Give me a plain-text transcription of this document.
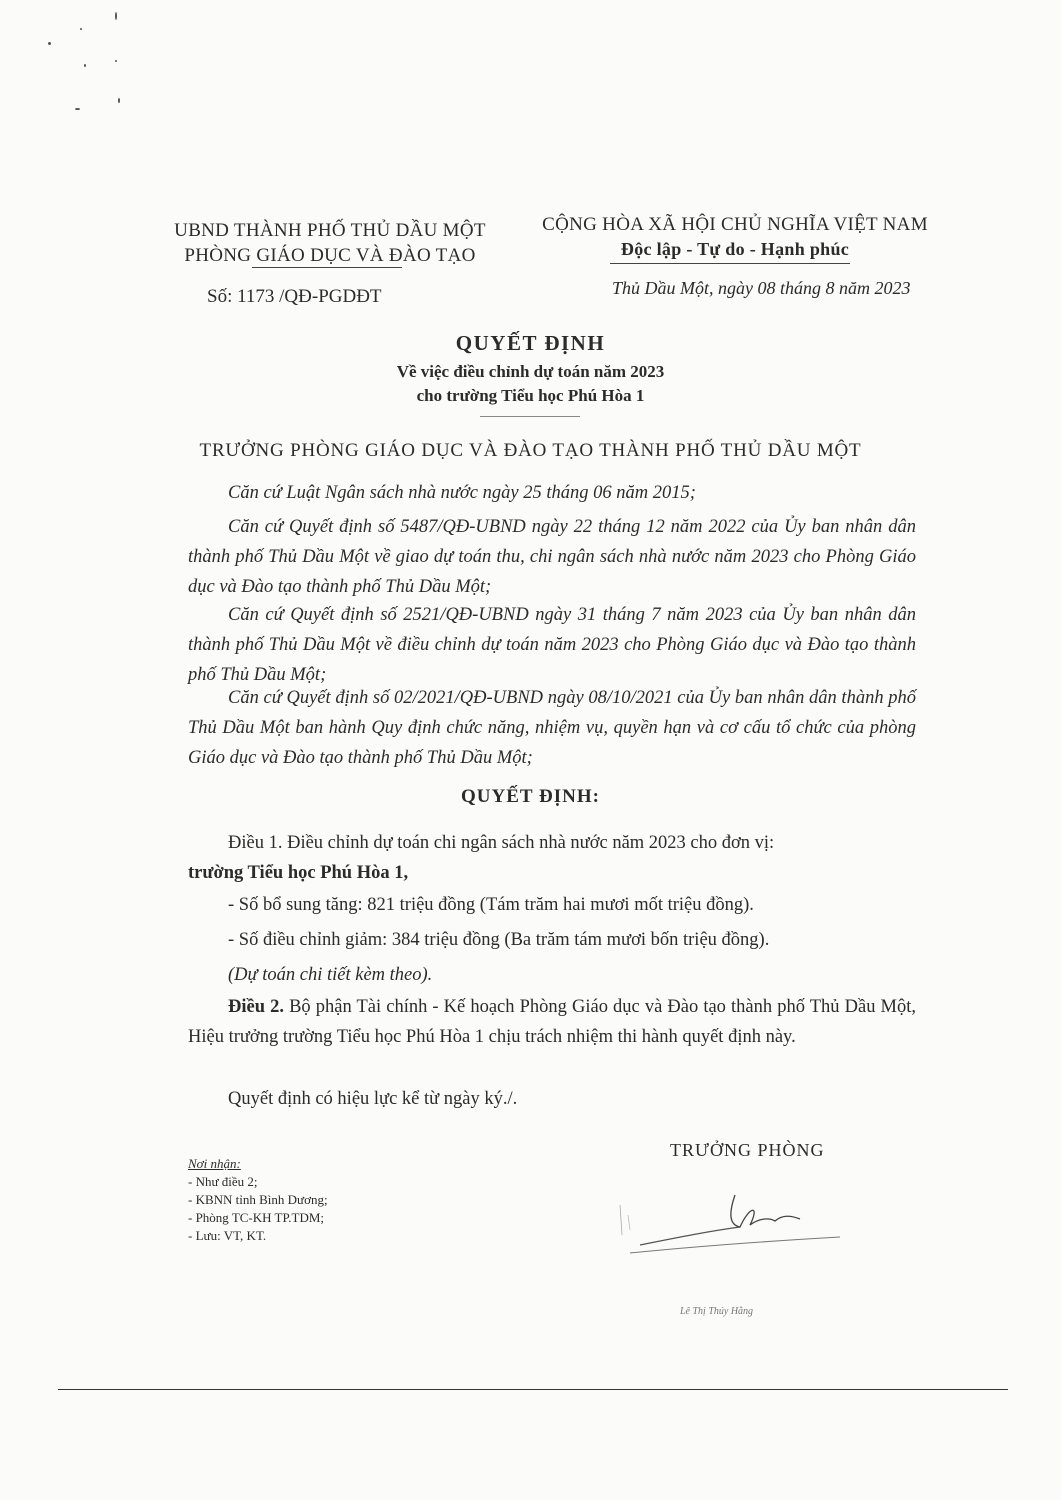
UBND THÀNH PHỐ THỦ DẦU MỘT
PHÒNG GIÁO DỤC VÀ ĐÀO TẠO
CỘNG HÒA XÃ HỘI CHỦ NGHĨA VIỆT NAM
Độc lập - Tự do - Hạnh phúc
Số: 1173 /QĐ-PGDĐT	Thủ Dầu Một, ngày 08 tháng 8 năm 2023
QUYẾT ĐỊNH
Về việc điều chỉnh dự toán năm 2023
cho trường Tiểu học Phú Hòa 1
TRƯỞNG PHÒNG GIÁO DỤC VÀ ĐÀO TẠO THÀNH PHỐ THỦ DẦU MỘT
Căn cứ Luật Ngân sách nhà nước ngày 25 tháng 06 năm 2015;
Căn cứ Quyết định số 5487/QĐ-UBND ngày 22 tháng 12 năm 2022 của Ủy ban nhân dân thành phố Thủ Dầu Một về giao dự toán thu, chi ngân sách nhà nước năm 2023 cho Phòng Giáo dục và Đào tạo thành phố Thủ Dầu Một;
Căn cứ Quyết định số 2521/QĐ-UBND ngày 31 tháng 7 năm 2023 của Ủy ban nhân dân thành phố Thủ Dầu Một về điều chỉnh dự toán năm 2023 cho Phòng Giáo dục và Đào tạo thành phố Thủ Dầu Một;
Căn cứ Quyết định số 02/2021/QĐ-UBND ngày 08/10/2021 của Ủy ban nhân dân thành phố Thủ Dầu Một ban hành Quy định chức năng, nhiệm vụ, quyền hạn và cơ cấu tổ chức của phòng Giáo dục và Đào tạo thành phố Thủ Dầu Một;
QUYẾT ĐỊNH:
Điều 1. Điều chỉnh dự toán chi ngân sách nhà nước năm 2023 cho đơn vị:
trường Tiểu học Phú Hòa 1,
- Số bổ sung tăng: 821 triệu đồng (Tám trăm hai mươi mốt triệu đồng).
- Số điều chỉnh giảm: 384 triệu đồng (Ba trăm tám mươi bốn triệu đồng).
(Dự toán chi tiết kèm theo).
Điều 2. Bộ phận Tài chính - Kế hoạch Phòng Giáo dục và Đào tạo thành phố Thủ Dầu Một, Hiệu trưởng trường Tiểu học Phú Hòa 1 chịu trách nhiệm thi hành quyết định này.
Quyết định có hiệu lực kể từ ngày ký./.
Nơi nhận:
- Như điều 2;
- KBNN tỉnh Bình Dương;
- Phòng TC-KH TP.TDM;
- Lưu: VT, KT.
TRƯỞNG PHÒNG
Lê Thị Thúy Hằng
